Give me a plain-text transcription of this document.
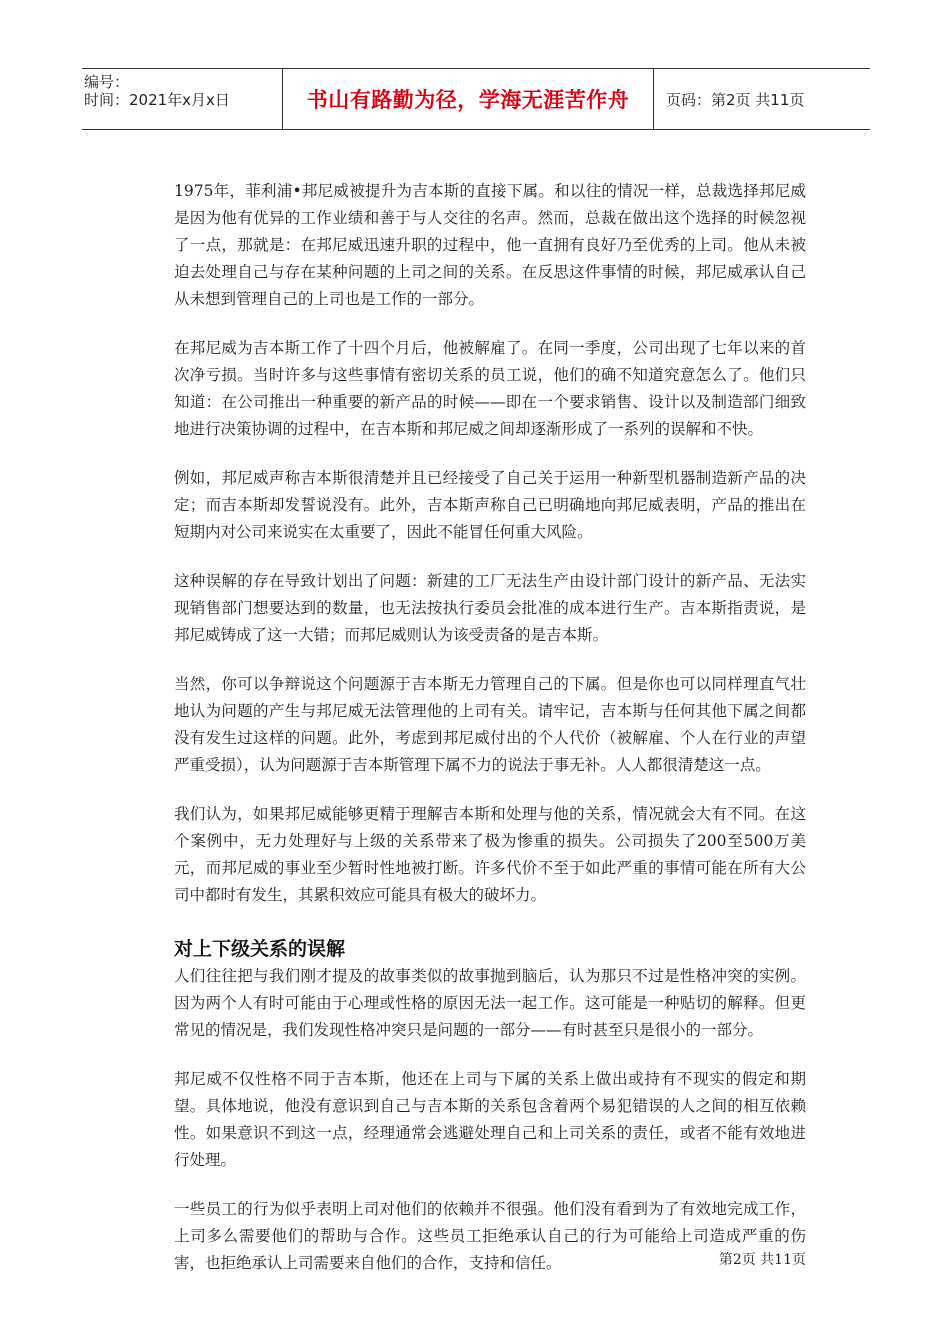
编号：
时间：2021年x月x日	书山有路勤为径，学海无涯苦作舟	页码：第2页 共11页

1975年，菲利浦•邦尼威被提升为吉本斯的直接下属。和以往的情况一样，总裁选择邦尼威是因为他有优异的工作业绩和善于与人交往的名声。然而，总裁在做出这个选择的时候忽视了一点，那就是：在邦尼威迅速升职的过程中，他一直拥有良好乃至优秀的上司。他从未被迫去处理自己与存在某种问题的上司之间的关系。在反思这件事情的时候，邦尼威承认自己从未想到管理自己的上司也是工作的一部分。

在邦尼威为吉本斯工作了十四个月后，他被解雇了。在同一季度，公司出现了七年以来的首次净亏损。当时许多与这些事情有密切关系的员工说，他们的确不知道究意怎么了。他们只知道：在公司推出一种重要的新产品的时候——即在一个要求销售、设计以及制造部门细致地进行决策协调的过程中，在吉本斯和邦尼威之间却逐渐形成了一系列的误解和不快。

例如，邦尼威声称吉本斯很清楚并且已经接受了自己关于运用一种新型机器制造新产品的决定；而吉本斯却发誓说没有。此外，吉本斯声称自己已明确地向邦尼威表明，产品的推出在短期内对公司来说实在太重要了，因此不能冒任何重大风险。

这种误解的存在导致计划出了问题：新建的工厂无法生产由设计部门设计的新产品、无法实现销售部门想要达到的数量，也无法按执行委员会批准的成本进行生产。吉本斯指责说，是邦尼威铸成了这一大错；而邦尼威则认为该受责备的是吉本斯。

当然，你可以争辩说这个问题源于吉本斯无力管理自己的下属。但是你也可以同样理直气壮地认为问题的产生与邦尼威无法管理他的上司有关。请牢记，吉本斯与任何其他下属之间都没有发生过这样的问题。此外，考虑到邦尼威付出的个人代价（被解雇、个人在行业的声望严重受损），认为问题源于吉本斯管理下属不力的说法于事无补。人人都很清楚这一点。

我们认为，如果邦尼威能够更精于理解吉本斯和处理与他的关系，情况就会大有不同。在这个案例中，无力处理好与上级的关系带来了极为惨重的损失。公司损失了200至500万美元，而邦尼威的事业至少暂时性地被打断。许多代价不至于如此严重的事情可能在所有大公司中都时有发生，其累积效应可能具有极大的破坏力。

对上下级关系的误解

人们往往把与我们刚才提及的故事类似的故事抛到脑后，认为那只不过是性格冲突的实例。因为两个人有时可能由于心理或性格的原因无法一起工作。这可能是一种贴切的解释。但更常见的情况是，我们发现性格冲突只是问题的一部分——有时甚至只是很小的一部分。

邦尼威不仅性格不同于吉本斯，他还在上司与下属的关系上做出或持有不现实的假定和期望。具体地说，他没有意识到自己与吉本斯的关系包含着两个易犯错误的人之间的相互依赖性。如果意识不到这一点，经理通常会逃避处理自己和上司关系的责任，或者不能有效地进行处理。

一些员工的行为似乎表明上司对他们的依赖并不很强。他们没有看到为了有效地完成工作，上司多么需要他们的帮助与合作。这些员工拒绝承认自己的行为可能给上司造成严重的伤害，也拒绝承认上司需要来自他们的合作，支持和信任。	第2页 共11页
